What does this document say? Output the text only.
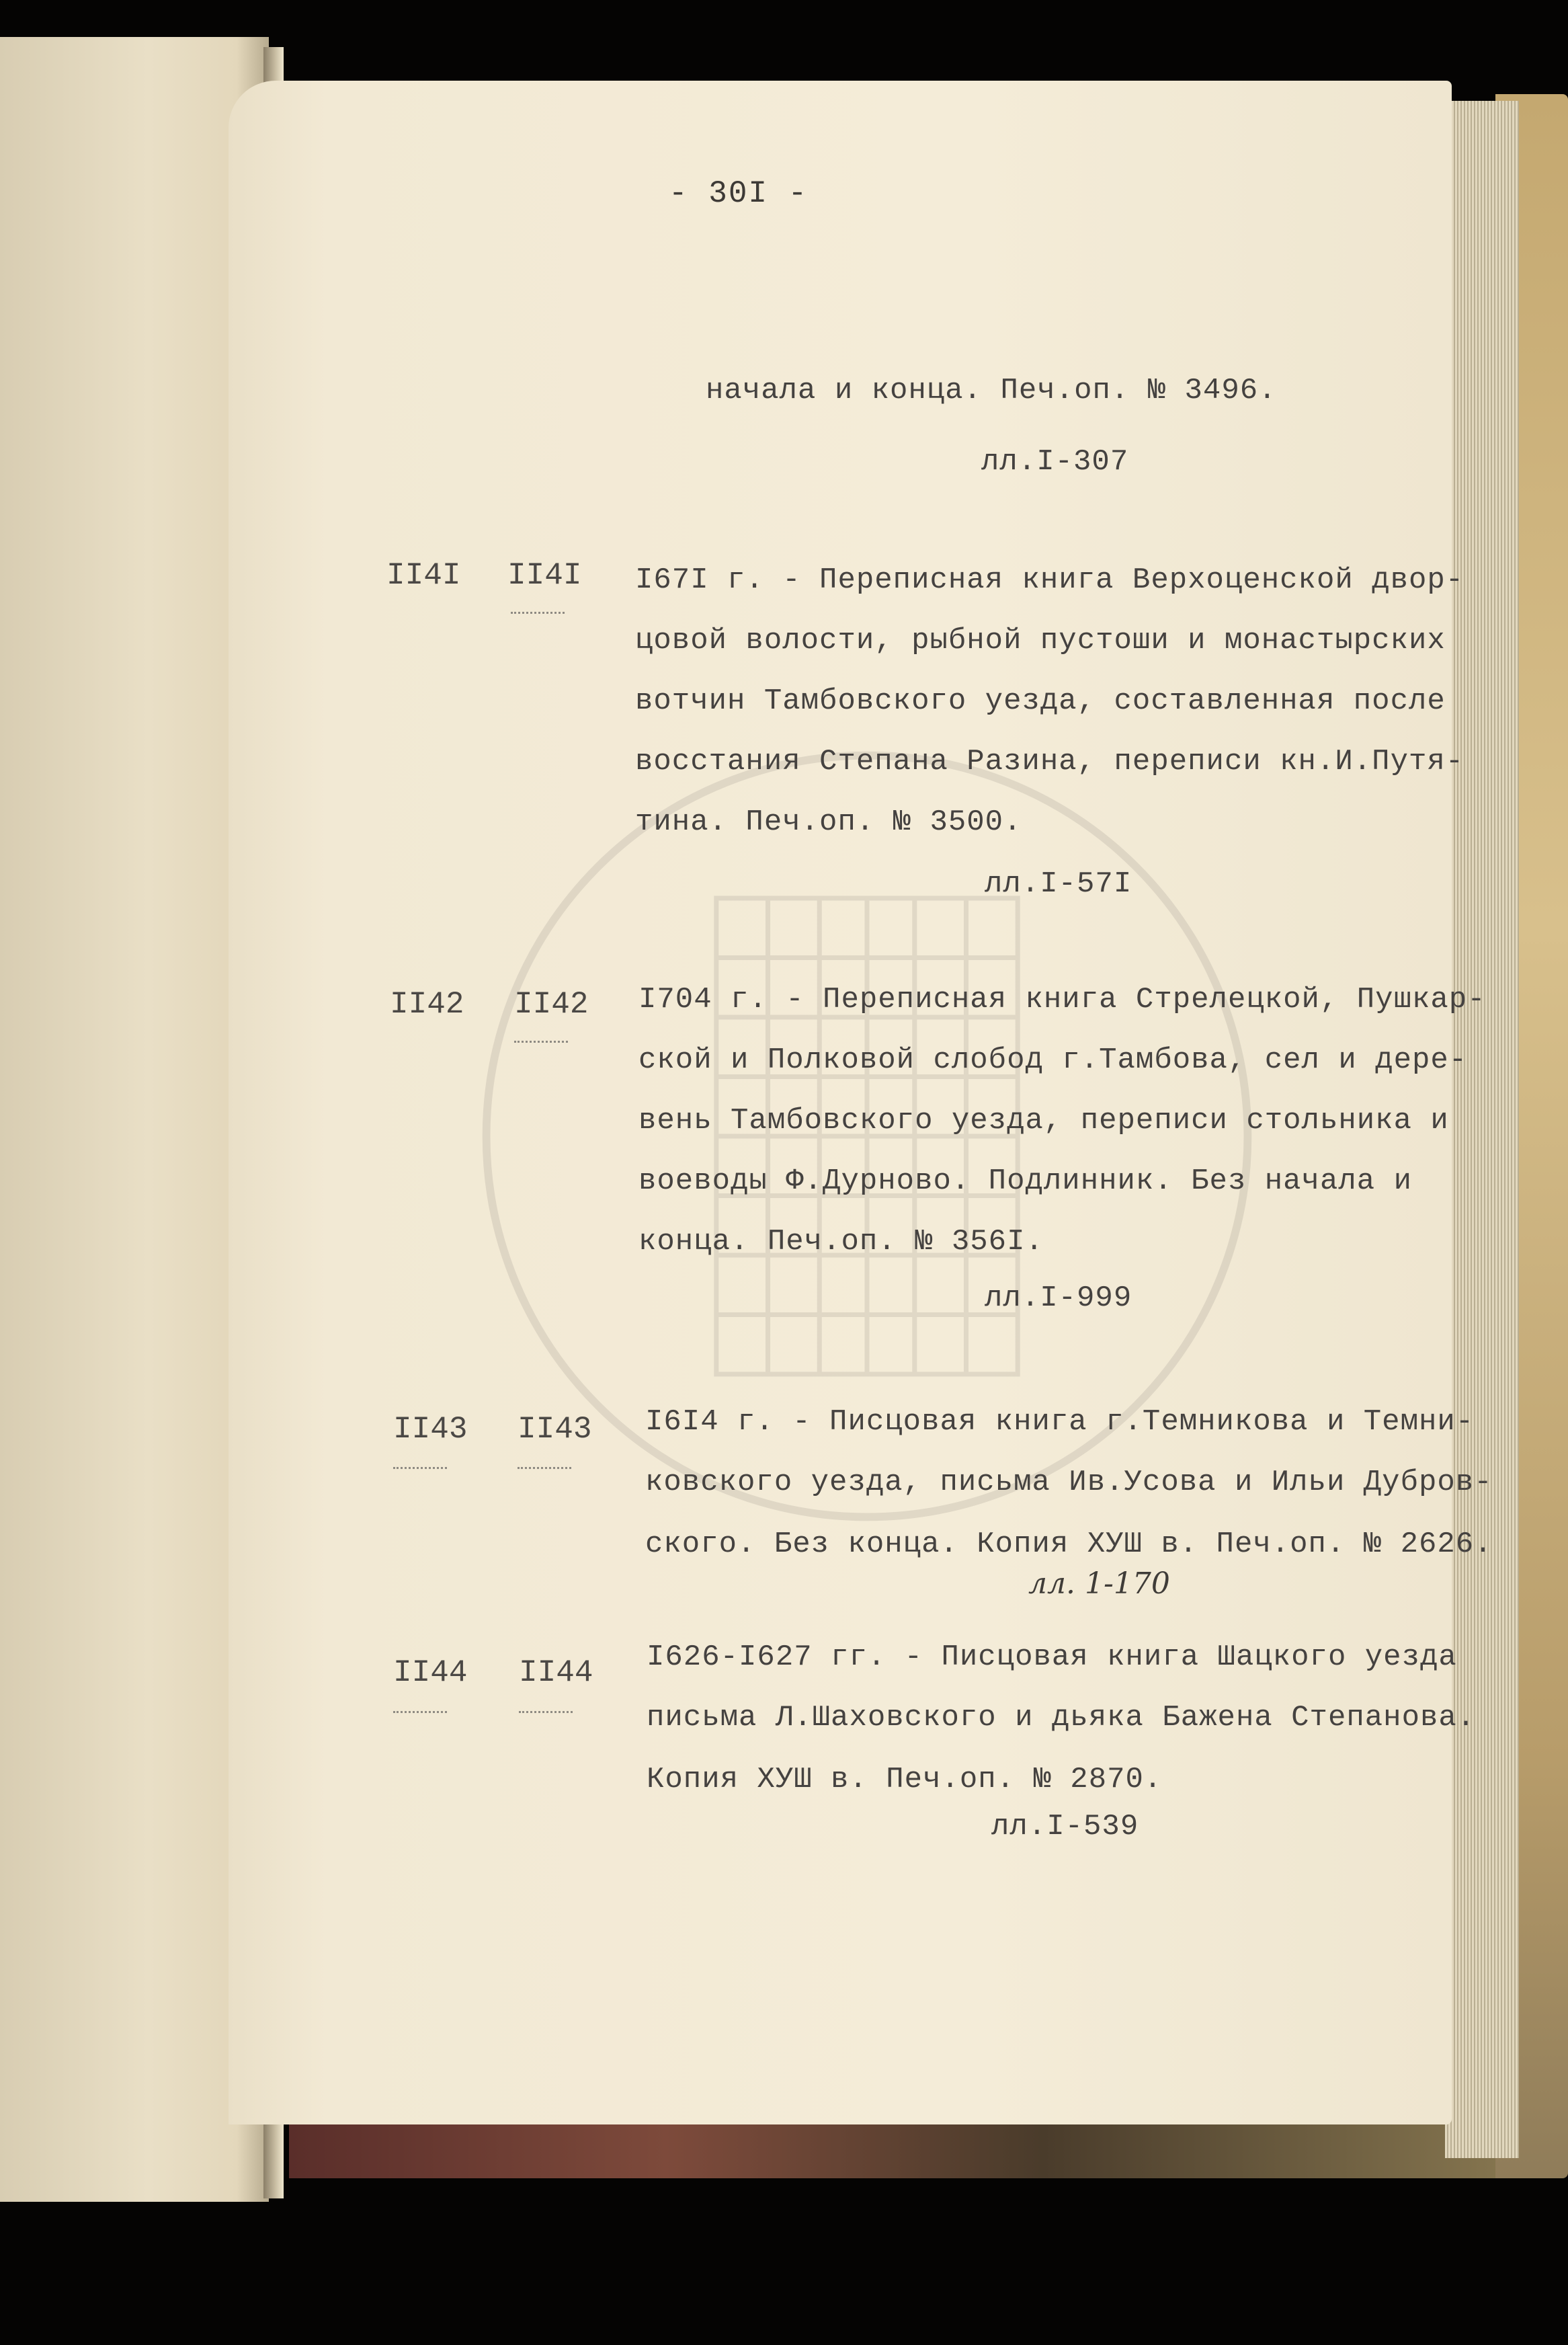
- 30I -
начала и конца. Печ.оп. № 3496.
лл.I-307
II4I II4I I67I г. - Переписная книга Верхоценской двор-
цовой волости, рыбной пустоши и монастырских
вотчин Тамбовского уезда, составленная после
восстания Степана Разина, переписи кн.И.Путя-
тина. Печ.оп. № 3500.
лл.I-57I
II42 II42 I704 г. - Переписная книга Стрелецкой, Пушкар-
ской и Полковой слобод г.Тамбова, сел и дере-
вень Тамбовского уезда, переписи стольника и
воеводы Ф.Дурново. Подлинник. Без начала и
конца. Печ.оп. № 356I.
лл.I-999
II43 II43 I6I4 г. - Писцовая книга г.Темникова и Темни-
ковского уезда, письма Ив.Усова и Ильи Дубров-
ского. Без конца. Копия ХУШ в. Печ.оп. № 2626.
лл. 1-170
II44 II44 I626-I627 гг. - Писцовая книга Шацкого уезда
письма Л.Шаховского и дьяка Бажена Степанова.
Копия ХУШ в. Печ.оп. № 2870.
лл.I-539
